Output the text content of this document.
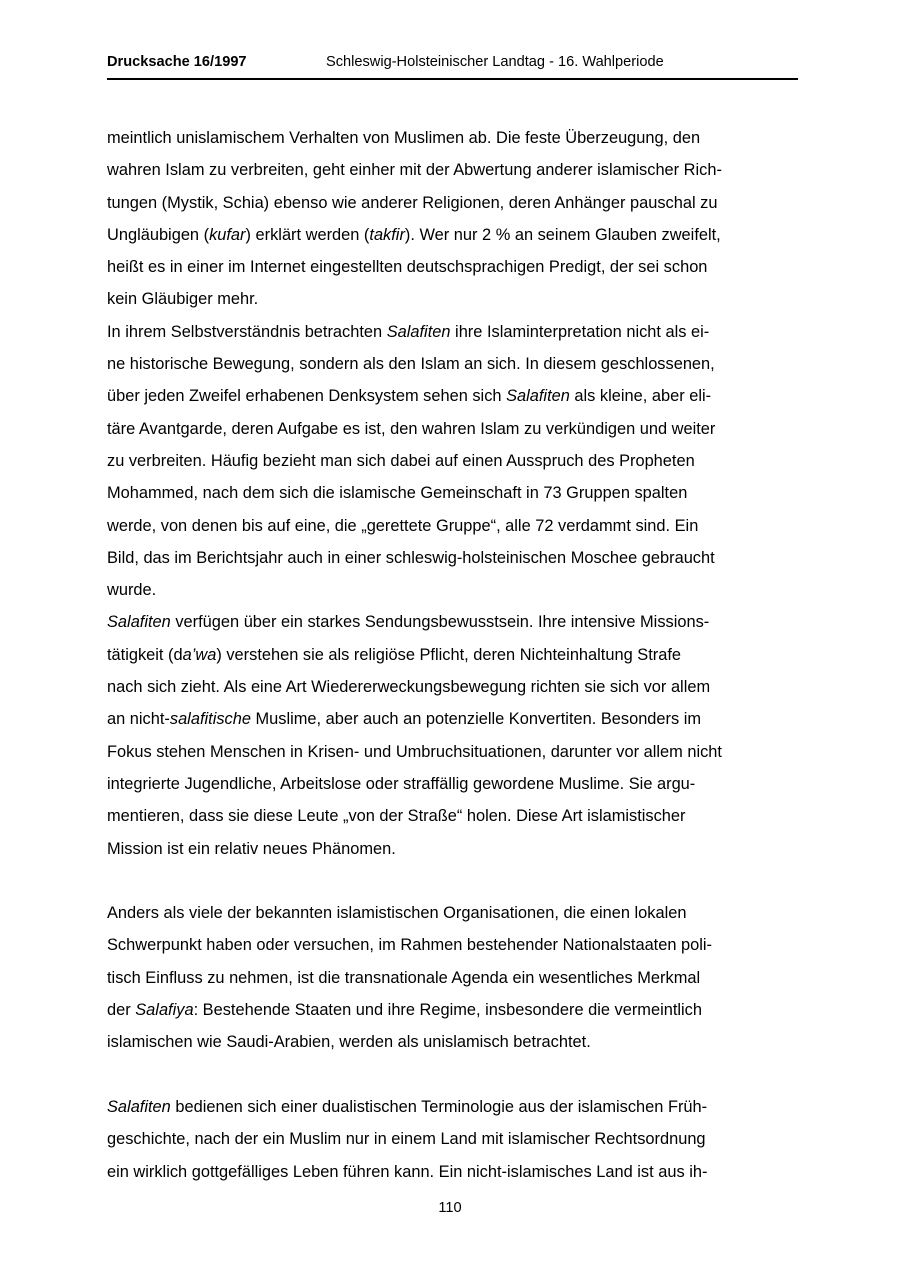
Drucksache 16/1997	Schleswig-Holsteinischer Landtag - 16. Wahlperiode
meintlich unislamischem Verhalten von Muslimen ab. Die feste Überzeugung, den
wahren Islam zu verbreiten, geht einher mit der Abwertung anderer islamischer Rich-
tungen (Mystik, Schia) ebenso wie anderer Religionen, deren Anhänger pauschal zu
Ungläubigen (kufar) erklärt werden (takfir). Wer nur 2 % an seinem Glauben zweifelt,
heißt es in einer im Internet eingestellten deutschsprachigen Predigt, der sei schon
kein Gläubiger mehr.
In ihrem Selbstverständnis betrachten Salafiten ihre Islaminterpretation nicht als ei-
ne historische Bewegung, sondern als den Islam an sich. In diesem geschlossenen,
über jeden Zweifel erhabenen Denksystem sehen sich Salafiten als kleine, aber eli-
täre Avantgarde, deren Aufgabe es ist, den wahren Islam zu verkündigen und weiter
zu verbreiten. Häufig bezieht man sich dabei auf einen Ausspruch des Propheten
Mohammed, nach dem sich die islamische Gemeinschaft in 73 Gruppen spalten
werde, von denen bis auf eine, die „gerettete Gruppe“, alle 72 verdammt sind. Ein
Bild, das im Berichtsjahr auch in einer schleswig-holsteinischen Moschee gebraucht
wurde.
Salafiten verfügen über ein starkes Sendungsbewusstsein. Ihre intensive Missions-
tätigkeit (da’wa) verstehen sie als religiöse Pflicht, deren Nichteinhaltung Strafe
nach sich zieht. Als eine Art Wiedererweckungsbewegung richten sie sich vor allem
an nicht-salafitische Muslime, aber auch an potenzielle Konvertiten. Besonders im
Fokus stehen Menschen in Krisen- und Umbruchsituationen, darunter vor allem nicht
integrierte Jugendliche, Arbeitslose oder straffällig gewordene Muslime. Sie argu-
mentieren, dass sie diese Leute „von der Straße“ holen. Diese Art islamistischer
Mission ist ein relativ neues Phänomen.
Anders als viele der bekannten islamistischen Organisationen, die einen lokalen
Schwerpunkt haben oder versuchen, im Rahmen bestehender Nationalstaaten poli-
tisch Einfluss zu nehmen, ist die transnationale Agenda ein wesentliches Merkmal
der Salafiya: Bestehende Staaten und ihre Regime, insbesondere die vermeintlich
islamischen wie Saudi-Arabien, werden als unislamisch betrachtet.
Salafiten bedienen sich einer dualistischen Terminologie aus der islamischen Früh-
geschichte, nach der ein Muslim nur in einem Land mit islamischer Rechtsordnung
ein wirklich gottgefälliges Leben führen kann. Ein nicht-islamisches Land ist aus ih-
110
